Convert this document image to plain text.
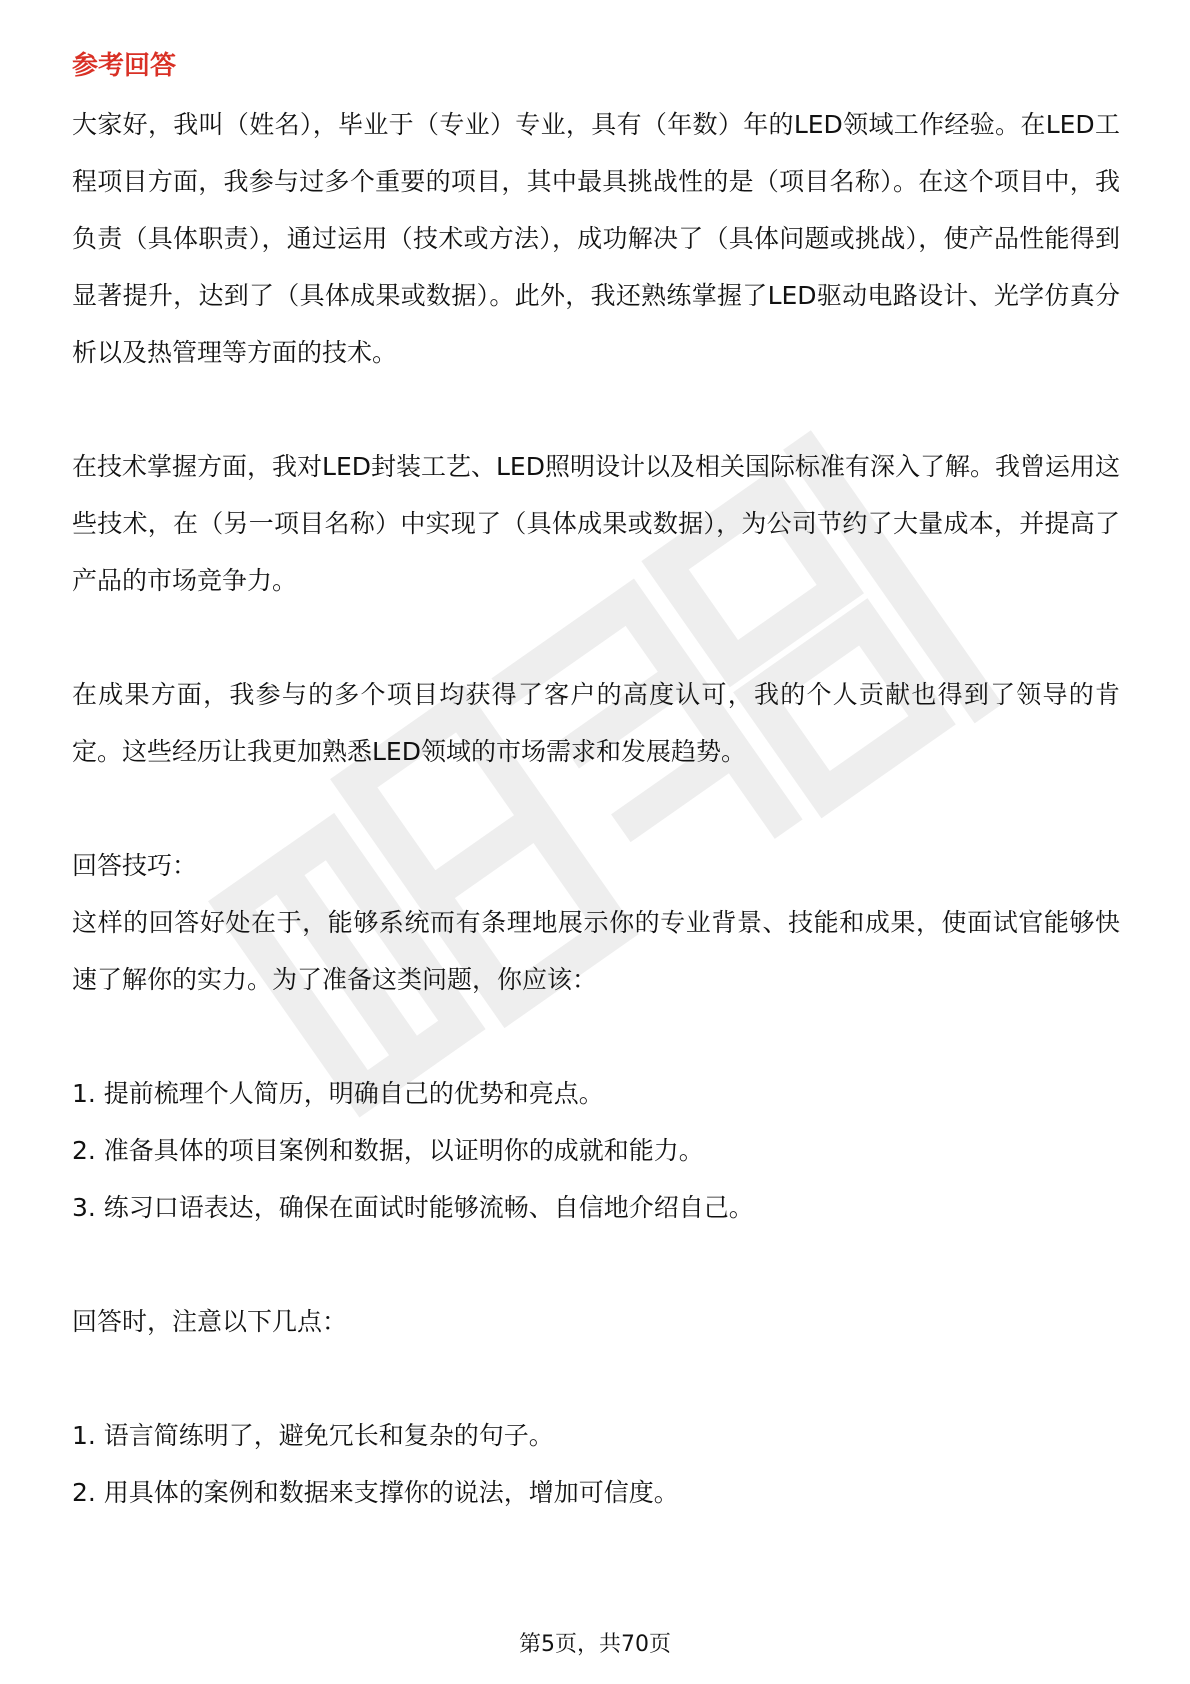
参考回答

大家好，我叫（姓名），毕业于（专业）专业，具有（年数）年的LED领域工作经验。在LED工程项目方面，我参与过多个重要的项目，其中最具挑战性的是（项目名称）。在这个项目中，我负责（具体职责），通过运用（技术或方法），成功解决了（具体问题或挑战），使产品性能得到显著提升，达到了（具体成果或数据）。此外，我还熟练掌握了LED驱动电路设计、光学仿真分析以及热管理等方面的技术。

在技术掌握方面，我对LED封装工艺、LED照明设计以及相关国际标准有深入了解。我曾运用这些技术，在（另一项目名称）中实现了（具体成果或数据），为公司节约了大量成本，并提高了产品的市场竞争力。

在成果方面，我参与的多个项目均获得了客户的高度认可，我的个人贡献也得到了领导的肯定。这些经历让我更加熟悉LED领域的市场需求和发展趋势。

回答技巧：

这样的回答好处在于，能够系统而有条理地展示你的专业背景、技能和成果，使面试官能够快速了解你的实力。为了准备这类问题，你应该：

1. 提前梳理个人简历，明确自己的优势和亮点。

2. 准备具体的项目案例和数据，以证明你的成就和能力。

3. 练习口语表达，确保在面试时能够流畅、自信地介绍自己。

回答时，注意以下几点：

1. 语言简练明了，避免冗长和复杂的句子。

2. 用具体的案例和数据来支撑你的说法，增加可信度。

第5页，共70页
